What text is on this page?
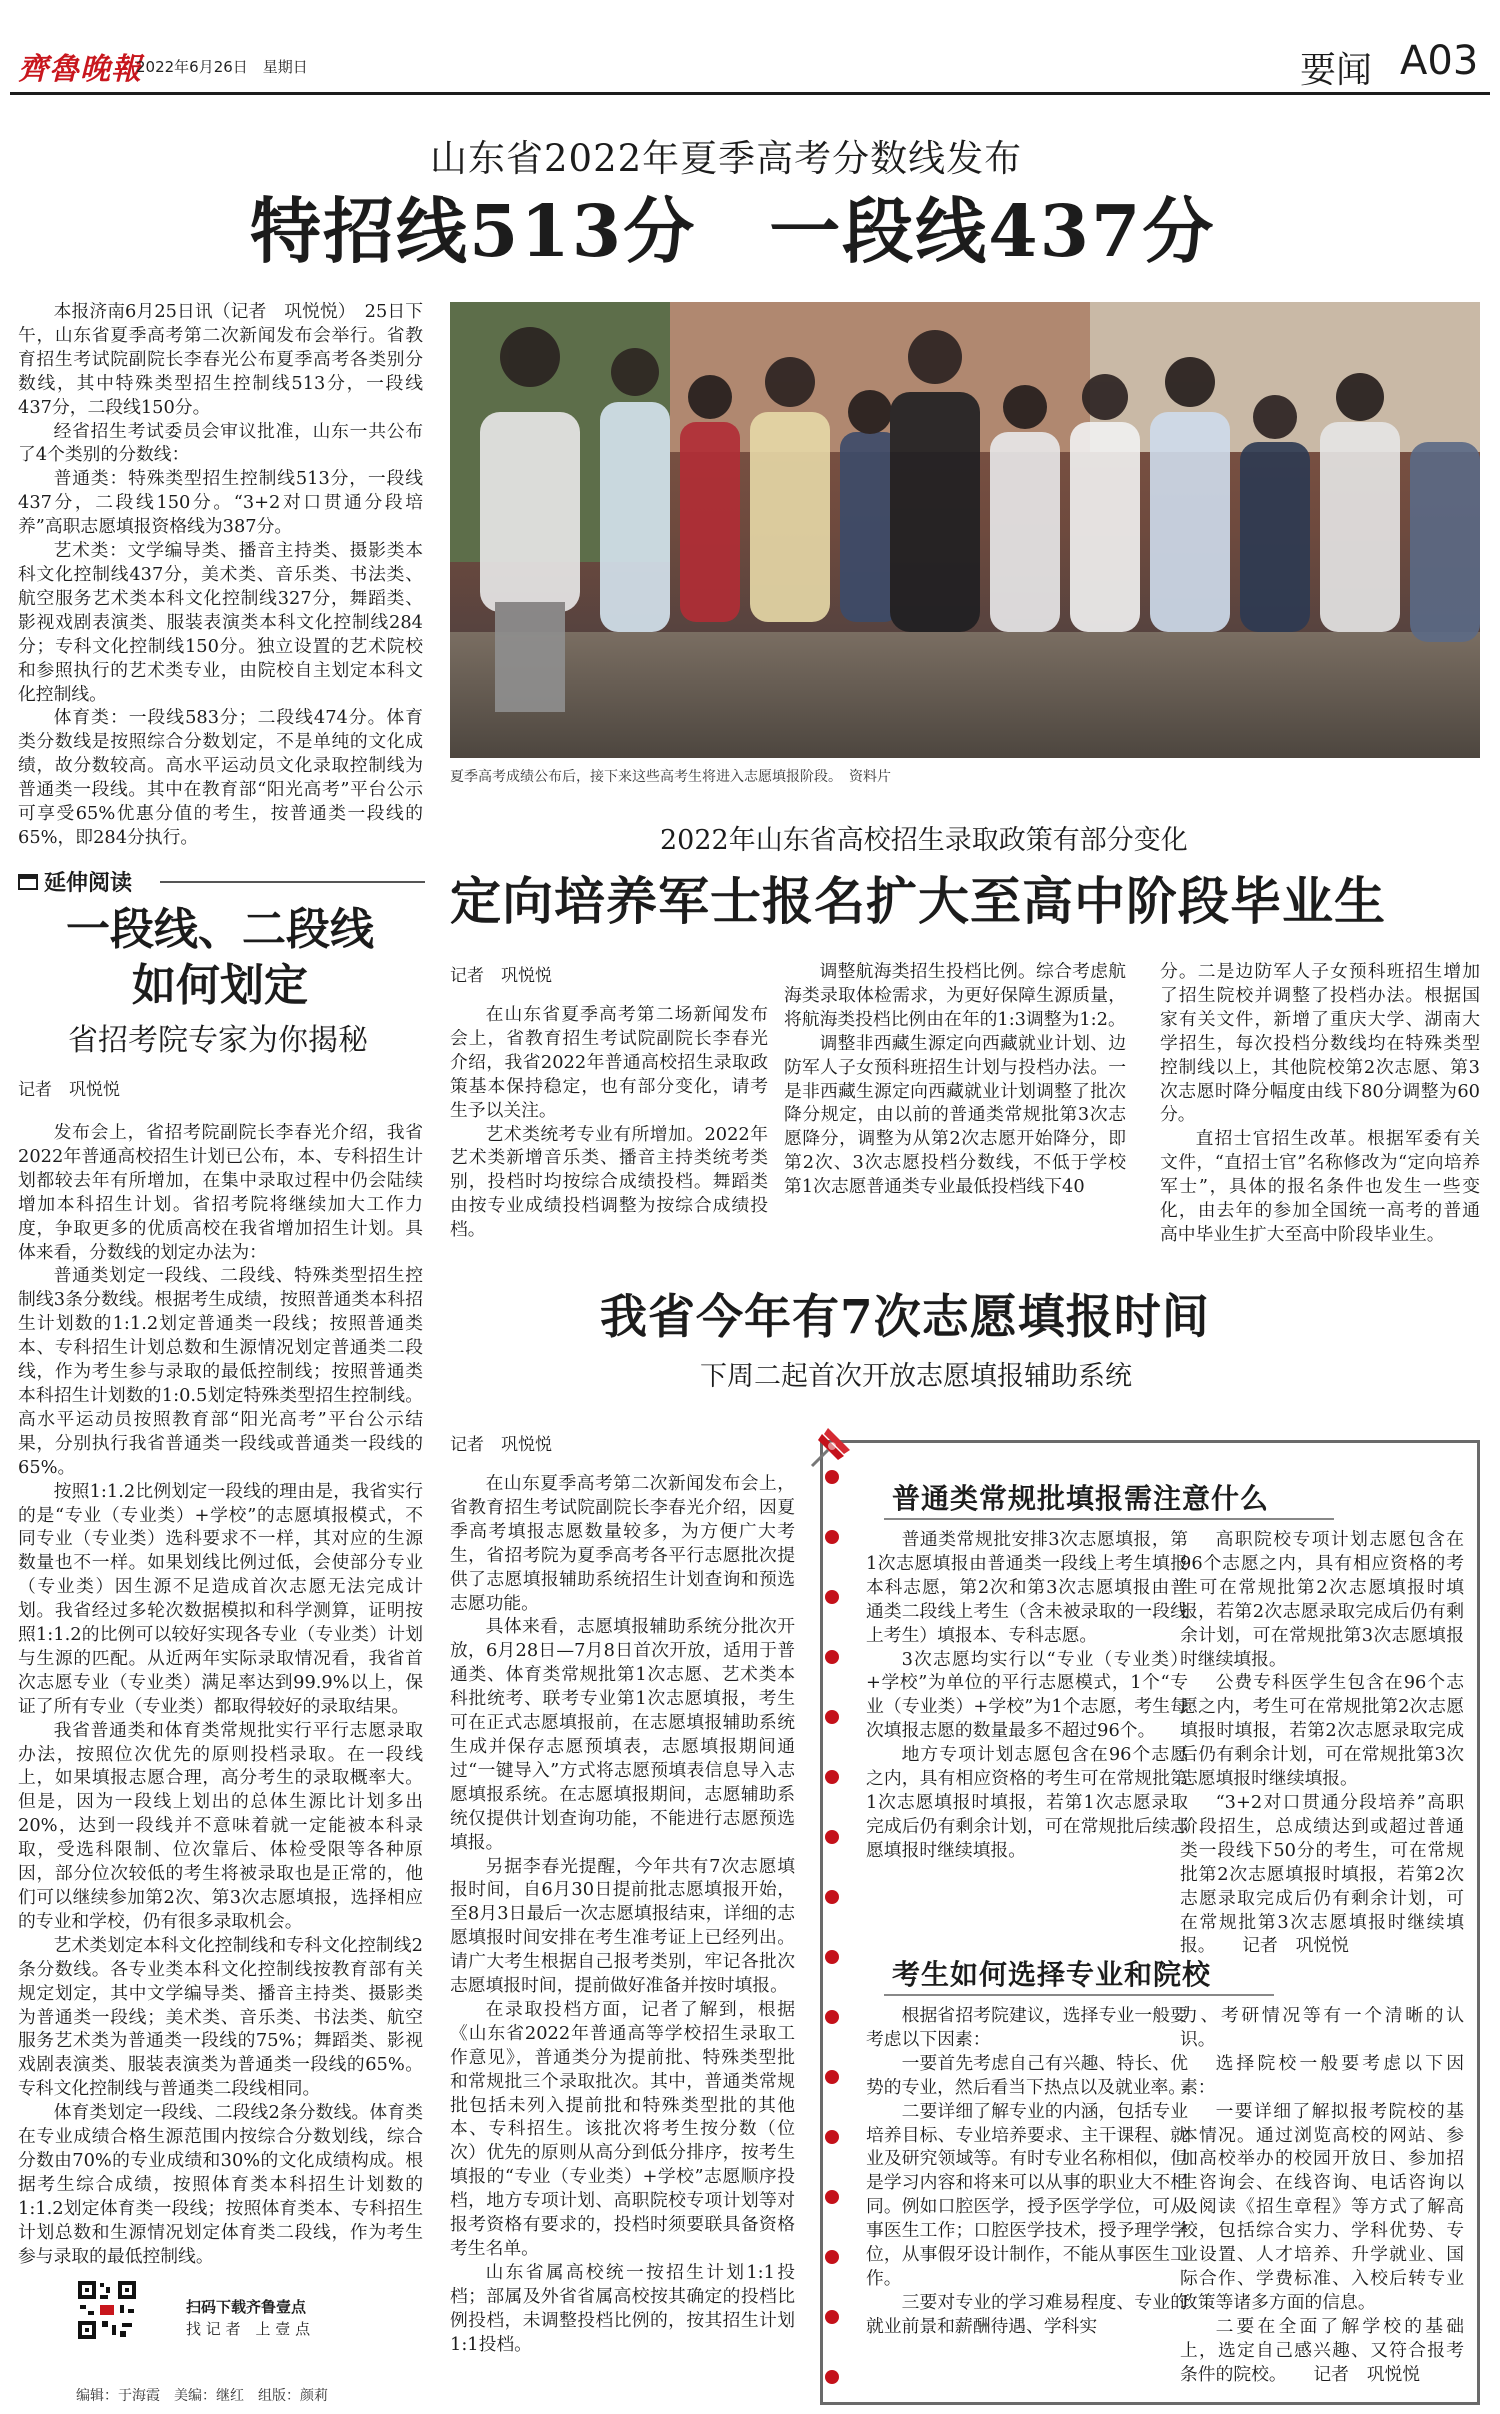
齊魯晚報
2022年6月26日　星期日	要闻 A03
山东省2022年夏季高考分数线发布
特招线513分　一段线437分

本报济南6月25日讯（记者　巩悦悦）　25日下午，山东省夏季高考第二次新闻发布会举行。省教育招生考试院副院长李春光公布夏季高考各类别分数线，其中特殊类型招生控制线513分，一段线437分，二段线150分。

经省招生考试委员会审议批准，山东一共公布了4个类别的分数线：

普通类：特殊类型招生控制线513分，一段线437分，二段线150分。“3+2对口贯通分段培养”高职志愿填报资格线为387分。

艺术类：文学编导类、播音主持类、摄影类本科文化控制线437分，美术类、音乐类、书法类、航空服务艺术类本科文化控制线327分，舞蹈类、影视戏剧表演类、服装表演类本科文化控制线284分；专科文化控制线150分。独立设置的艺术院校和参照执行的艺术类专业，由院校自主划定本科文化控制线。

体育类：一段线583分；二段线474分。体育类分数线是按照综合分数划定，不是单纯的文化成绩，故分数较高。高水平运动员文化录取控制线为普通类一段线。其中在教育部“阳光高考”平台公示可享受65%优惠分值的考生，按普通类一段线的65%，即284分执行。

夏季高考成绩公布后，接下来这些高考生将进入志愿填报阶段。　资料片
延伸阅读
一段线、二段线
如何划定
省招考院专家为你揭秘
记者　巩悦悦

发布会上，省招考院副院长李春光介绍，我省2022年普通高校招生计划已公布，本、专科招生计划都较去年有所增加，在集中录取过程中仍会陆续增加本科招生计划。省招考院将继续加大工作力度，争取更多的优质高校在我省增加招生计划。具体来看，分数线的划定办法为：

普通类划定一段线、二段线、特殊类型招生控制线3条分数线。根据考生成绩，按照普通类本科招生计划数的1:1.2划定普通类一段线；按照普通类本、专科招生计划总数和生源情况划定普通类二段线，作为考生参与录取的最低控制线；按照普通类本科招生计划数的1:0.5划定特殊类型招生控制线。高水平运动员按照教育部“阳光高考”平台公示结果，分别执行我省普通类一段线或普通类一段线的65%。

按照1:1.2比例划定一段线的理由是，我省实行的是“专业（专业类）+学校”的志愿填报模式，不同专业（专业类）选科要求不一样，其对应的生源数量也不一样。如果划线比例过低，会使部分专业（专业类）因生源不足造成首次志愿无法完成计划。我省经过多轮次数据模拟和科学测算，证明按照1:1.2的比例可以较好实现各专业（专业类）计划与生源的匹配。从近两年实际录取情况看，我省首次志愿专业（专业类）满足率达到99.9%以上，保证了所有专业（专业类）都取得较好的录取结果。

我省普通类和体育类常规批实行平行志愿录取办法，按照位次优先的原则投档录取。在一段线上，如果填报志愿合理，高分考生的录取概率大。但是，因为一段线上划出的总体生源比计划多出20%，达到一段线并不意味着就一定能被本科录取，受选科限制、位次靠后、体检受限等各种原因，部分位次较低的考生将被录取也是正常的，他们可以继续参加第2次、第3次志愿填报，选择相应的专业和学校，仍有很多录取机会。

艺术类划定本科文化控制线和专科文化控制线2条分数线。各专业类本科文化控制线按教育部有关规定划定，其中文学编导类、播音主持类、摄影类为普通类一段线；美术类、音乐类、书法类、航空服务艺术类为普通类一段线的75%；舞蹈类、影视戏剧表演类、服装表演类为普通类一段线的65%。专科文化控制线与普通类二段线相同。

体育类划定一段线、二段线2条分数线。体育类在专业成绩合格生源范围内按综合分数划线，综合分数由70%的专业成绩和30%的文化成绩构成。根据考生综合成绩，按照体育类本科招生计划数的1:1.2划定体育类一段线；按照体育类本、专科招生计划总数和生源情况划定体育类二段线，作为考生参与录取的最低控制线。

扫码下载齐鲁壹点
找 记 者　上 壹 点
编辑：于海霞　美编：继红　组版：颜莉
2022年山东省高校招生录取政策有部分变化
定向培养军士报名扩大至高中阶段毕业生
记者　巩悦悦

在山东省夏季高考第二场新闻发布会上，省教育招生考试院副院长李春光介绍，我省2022年普通高校招生录取政策基本保持稳定，也有部分变化，请考生予以关注。

艺术类统考专业有所增加。2022年艺术类新增音乐类、播音主持类统考类别，投档时均按综合成绩投档。舞蹈类由按专业成绩投档调整为按综合成绩投档。

调整航海类招生投档比例。综合考虑航海类录取体检需求，为更好保障生源质量，将航海类投档比例由在年的1:3调整为1:2。

调整非西藏生源定向西藏就业计划、边防军人子女预科班招生计划与投档办法。一是非西藏生源定向西藏就业计划调整了批次降分规定，由以前的普通类常规批第3次志愿降分，调整为从第2次志愿开始降分，即第2次、3次志愿投档分数线，不低于学校第1次志愿普通类专业最低投档线下40

分。二是边防军人子女预科班招生增加了招生院校并调整了投档办法。根据国家有关文件，新增了重庆大学、湖南大学招生，每次投档分数线均在特殊类型控制线以上，其他院校第2次志愿、第3次志愿时降分幅度由线下80分调整为60分。

直招士官招生改革。根据军委有关文件，“直招士官”名称修改为“定向培养军士”，具体的报名条件也发生一些变化，由去年的参加全国统一高考的普通高中毕业生扩大至高中阶段毕业生。

我省今年有7次志愿填报时间
下周二起首次开放志愿填报辅助系统
记者　巩悦悦

在山东夏季高考第二次新闻发布会上，省教育招生考试院副院长李春光介绍，因夏季高考填报志愿数量较多，为方便广大考生，省招考院为夏季高考各平行志愿批次提供了志愿填报辅助系统招生计划查询和预选志愿功能。

具体来看，志愿填报辅助系统分批次开放，6月28日—7月8日首次开放，适用于普通类、体育类常规批第1次志愿、艺术类本科批统考、联考专业第1次志愿填报，考生可在正式志愿填报前，在志愿填报辅助系统生成并保存志愿预填表，志愿填报期间通过“一键导入”方式将志愿预填表信息导入志愿填报系统。在志愿填报期间，志愿辅助系统仅提供计划查询功能，不能进行志愿预选填报。

另据李春光提醒，今年共有7次志愿填报时间，自6月30日提前批志愿填报开始，至8月3日最后一次志愿填报结束，详细的志愿填报时间安排在考生准考证上已经列出。请广大考生根据自己报考类别，牢记各批次志愿填报时间，提前做好准备并按时填报。

在录取投档方面，记者了解到，根据《山东省2022年普通高等学校招生录取工作意见》，普通类分为提前批、特殊类型批和常规批三个录取批次。其中，普通类常规批包括未列入提前批和特殊类型批的其他本、专科招生。该批次将考生按分数（位次）优先的原则从高分到低分排序，按考生填报的“专业（专业类）+学校”志愿顺序投档，地方专项计划、高职院校专项计划等对报考资格有要求的，投档时须要联具备资格考生名单。

山东省属高校统一按招生计划1:1投档；部属及外省省属高校按其确定的投档比例投档，未调整投档比例的，按其招生计划1:1投档。

普通类常规批填报需注意什么

普通类常规批安排3次志愿填报，第1次志愿填报由普通类一段线上考生填报本科志愿，第2次和第3次志愿填报由普通类二段线上考生（含未被录取的一段线上考生）填报本、专科志愿。

3次志愿均实行以“专业（专业类）+学校”为单位的平行志愿模式，1个“专业（专业类）+学校”为1个志愿，考生每次填报志愿的数量最多不超过96个。

地方专项计划志愿包含在96个志愿之内，具有相应资格的考生可在常规批第1次志愿填报时填报，若第1次志愿录取完成后仍有剩余计划，可在常规批后续志愿填报时继续填报。

高职院校专项计划志愿包含在96个志愿之内，具有相应资格的考生可在常规批第2次志愿填报时填报，若第2次志愿录取完成后仍有剩余计划，可在常规批第3次志愿填报时继续填报。

公费专科医学生包含在96个志愿之内，考生可在常规批第2次志愿填报时填报，若第2次志愿录取完成后仍有剩余计划，可在常规批第3次志愿填报时继续填报。

“3+2对口贯通分段培养”高职阶段招生，总成绩达到或超过普通类一段线下50分的考生，可在常规批第2次志愿填报时填报，若第2次志愿录取完成后仍有剩余计划，可在常规批第3次志愿填报时继续填报。　　记者　巩悦悦

考生如何选择专业和院校

根据省招考院建议，选择专业一般要考虑以下因素：

一要首先考虑自己有兴趣、特长、优势的专业，然后看当下热点以及就业率。

二要详细了解专业的内涵，包括专业培养目标、专业培养要求、主干课程、就业及研究领域等。有时专业名称相似，但是学习内容和将来可以从事的职业大不相同。例如口腔医学，授予医学学位，可从事医生工作；口腔医学技术，授予理学学位，从事假牙设计制作，不能从事医生工作。

三要对专业的学习难易程度、专业的就业前景和薪酬待遇、学科实

力、考研情况等有一个清晰的认识。

选择院校一般要考虑以下因素：

一要详细了解拟报考院校的基本情况。通过浏览高校的网站、参加高校举办的校园开放日、参加招生咨询会、在线咨询、电话咨询以及阅读《招生章程》等方式了解高校，包括综合实力、学科优势、专业设置、人才培养、升学就业、国际合作、学费标准、入校后转专业政策等诸多方面的信息。

二要在全面了解学校的基础上，选定自己感兴趣、又符合报考条件的院校。　　记者　巩悦悦
